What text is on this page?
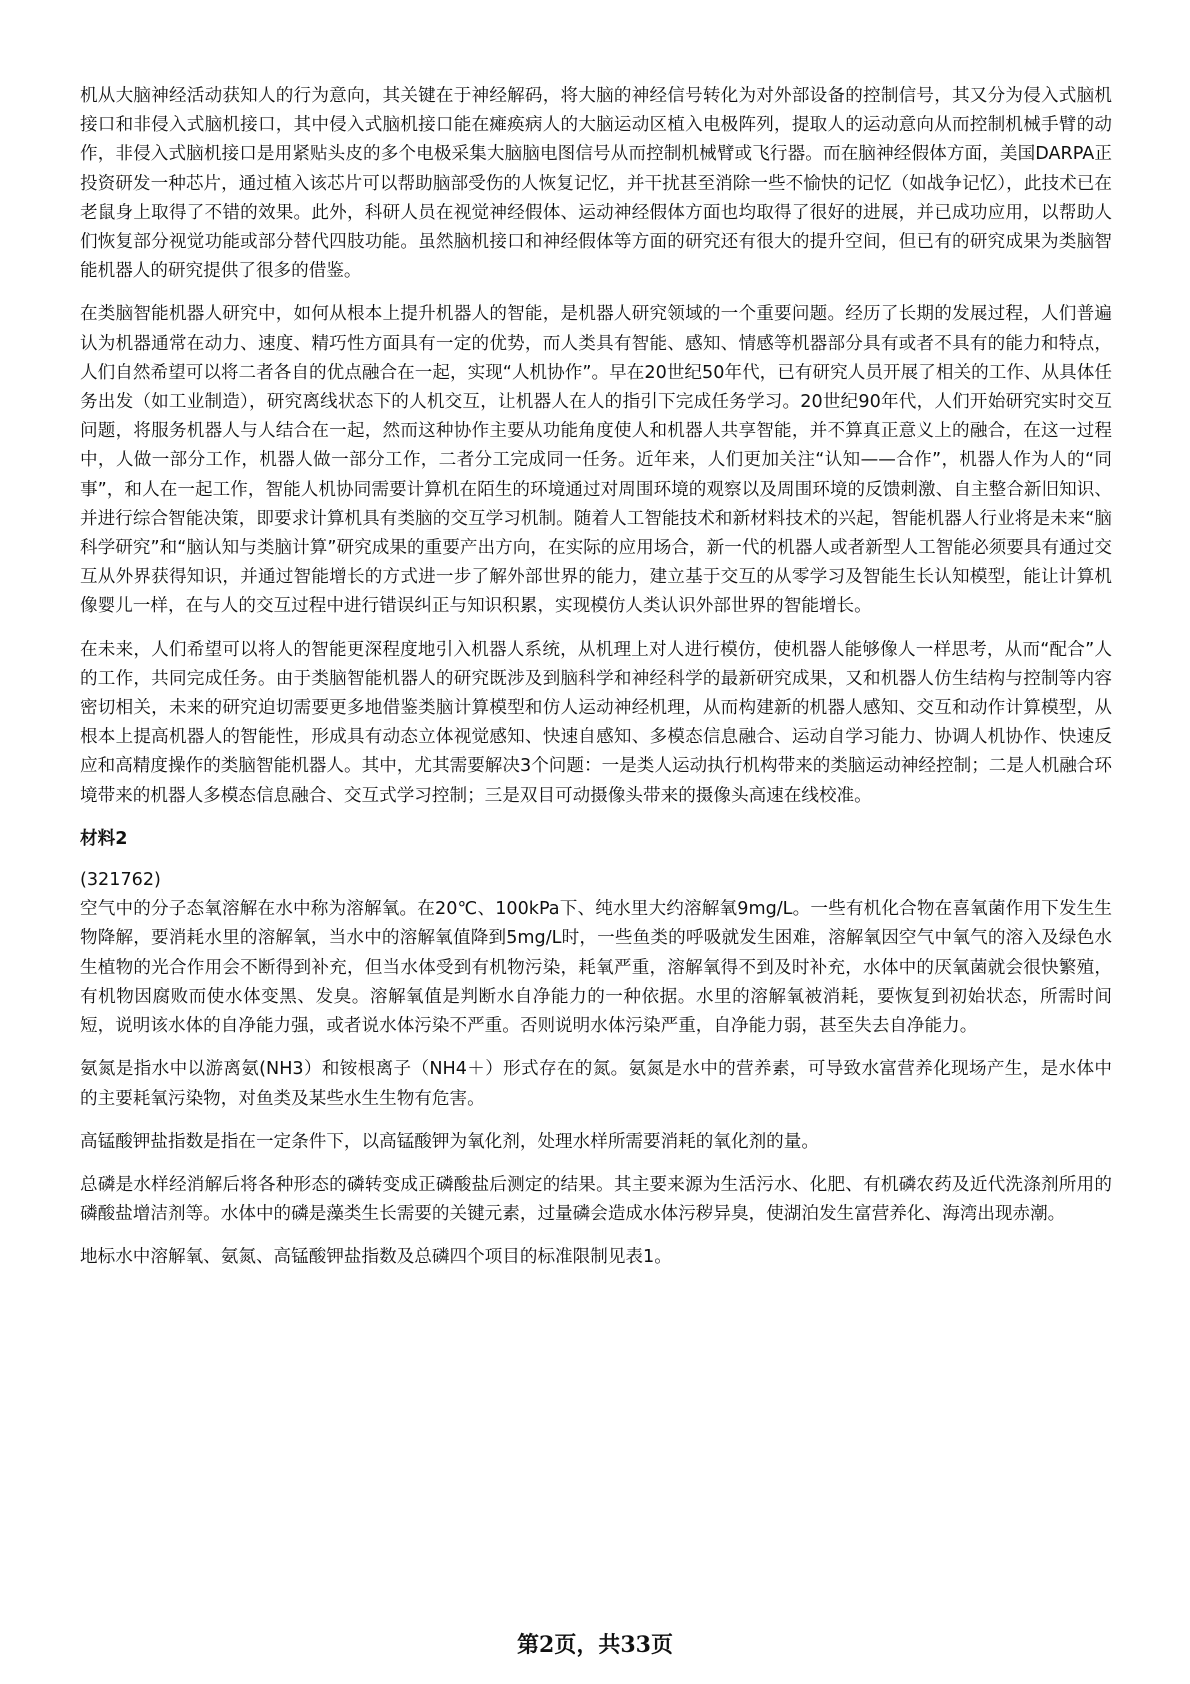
机从大脑神经活动获知人的行为意向，其关键在于神经解码，将大脑的神经信号转化为对外部设备的控制信号，其又分为侵入式脑机接口和非侵入式脑机接口，其中侵入式脑机接口能在瘫痪病人的大脑运动区植入电极阵列，提取人的运动意向从而控制机械手臂的动作，非侵入式脑机接口是用紧贴头皮的多个电极采集大脑脑电图信号从而控制机械臂或飞行器。而在脑神经假体方面，美国DARPA正投资研发一种芯片，通过植入该芯片可以帮助脑部受伤的人恢复记忆，并干扰甚至消除一些不愉快的记忆（如战争记忆），此技术已在老鼠身上取得了不错的效果。此外，科研人员在视觉神经假体、运动神经假体方面也均取得了很好的进展，并已成功应用，以帮助人们恢复部分视觉功能或部分替代四肢功能。虽然脑机接口和神经假体等方面的研究还有很大的提升空间，但已有的研究成果为类脑智能机器人的研究提供了很多的借鉴。

在类脑智能机器人研究中，如何从根本上提升机器人的智能，是机器人研究领域的一个重要问题。经历了长期的发展过程，人们普遍认为机器通常在动力、速度、精巧性方面具有一定的优势，而人类具有智能、感知、情感等机器部分具有或者不具有的能力和特点，人们自然希望可以将二者各自的优点融合在一起，实现“人机协作”。早在20世纪50年代，已有研究人员开展了相关的工作、从具体任务出发（如工业制造），研究离线状态下的人机交互，让机器人在人的指引下完成任务学习。20世纪90年代，人们开始研究实时交互问题，将服务机器人与人结合在一起，然而这种协作主要从功能角度使人和机器人共享智能，并不算真正意义上的融合，在这一过程中，人做一部分工作，机器人做一部分工作，二者分工完成同一任务。近年来，人们更加关注“认知——合作”，机器人作为人的“同事”，和人在一起工作，智能人机协同需要计算机在陌生的环境通过对周围环境的观察以及周围环境的反馈刺激、自主整合新旧知识、并进行综合智能决策，即要求计算机具有类脑的交互学习机制。随着人工智能技术和新材料技术的兴起，智能机器人行业将是未来“脑科学研究”和“脑认知与类脑计算”研究成果的重要产出方向，在实际的应用场合，新一代的机器人或者新型人工智能必须要具有通过交互从外界获得知识，并通过智能增长的方式进一步了解外部世界的能力，建立基于交互的从零学习及智能生长认知模型，能让计算机像婴儿一样，在与人的交互过程中进行错误纠正与知识积累，实现模仿人类认识外部世界的智能增长。

在未来，人们希望可以将人的智能更深程度地引入机器人系统，从机理上对人进行模仿，使机器人能够像人一样思考，从而“配合”人的工作，共同完成任务。由于类脑智能机器人的研究既涉及到脑科学和神经科学的最新研究成果，又和机器人仿生结构与控制等内容密切相关，未来的研究迫切需要更多地借鉴类脑计算模型和仿人运动神经机理，从而构建新的机器人感知、交互和动作计算模型，从根本上提高机器人的智能性，形成具有动态立体视觉感知、快速自感知、多模态信息融合、运动自学习能力、协调人机协作、快速反应和高精度操作的类脑智能机器人。其中，尤其需要解决3个问题：一是类人运动执行机构带来的类脑运动神经控制；二是人机融合环境带来的机器人多模态信息融合、交互式学习控制；三是双目可动摄像头带来的摄像头高速在线校准。

材料2

(321762)

空气中的分子态氧溶解在水中称为溶解氧。在20℃、100kPa下、纯水里大约溶解氧9mg/L。一些有机化合物在喜氧菌作用下发生生物降解，要消耗水里的溶解氧，当水中的溶解氧值降到5mg/L时，一些鱼类的呼吸就发生困难，溶解氧因空气中氧气的溶入及绿色水生植物的光合作用会不断得到补充，但当水体受到有机物污染，耗氧严重，溶解氧得不到及时补充，水体中的厌氧菌就会很快繁殖，有机物因腐败而使水体变黑、发臭。溶解氧值是判断水自净能力的一种依据。水里的溶解氧被消耗，要恢复到初始状态，所需时间短，说明该水体的自净能力强，或者说水体污染不严重。否则说明水体污染严重，自净能力弱，甚至失去自净能力。

氨氮是指水中以游离氨(NH3）和铵根离子（NH4＋）形式存在的氮。氨氮是水中的营养素，可导致水富营养化现场产生，是水体中的主要耗氧污染物，对鱼类及某些水生生物有危害。

高锰酸钾盐指数是指在一定条件下，以高锰酸钾为氧化剂，处理水样所需要消耗的氧化剂的量。

总磷是水样经消解后将各种形态的磷转变成正磷酸盐后测定的结果。其主要来源为生活污水、化肥、有机磷农药及近代洗涤剂所用的磷酸盐增洁剂等。水体中的磷是藻类生长需要的关键元素，过量磷会造成水体污秽异臭，使湖泊发生富营养化、海湾出现赤潮。

地标水中溶解氧、氨氮、高锰酸钾盐指数及总磷四个项目的标准限制见表1。

第2页，共33页
